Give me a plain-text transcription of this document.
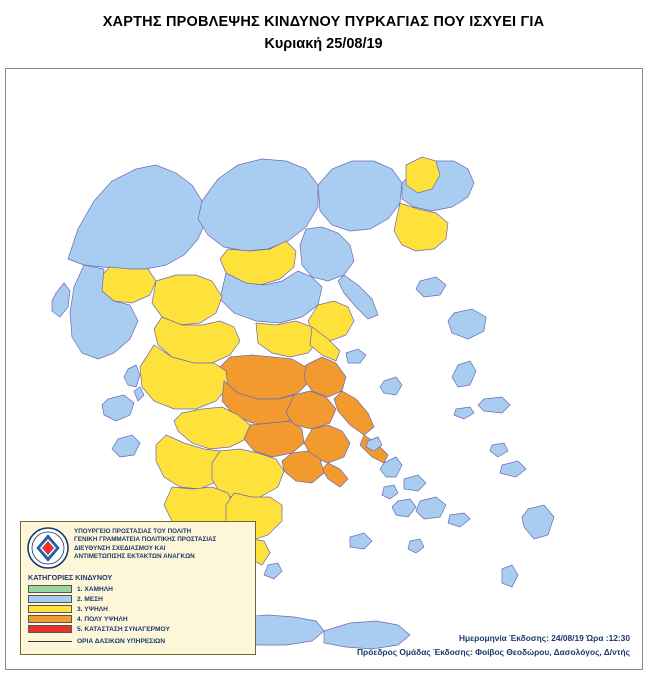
ΧΑΡΤΗΣ ΠΡΟΒΛΕΨΗΣ ΚΙΝΔΥΝΟΥ ΠΥΡΚΑΓΙΑΣ ΠΟΥ ΙΣΧΥΕΙ ΓΙΑ
Κυριακή 25/08/19
ΥΠΟΥΡΓΕΙΟ ΠΡΟΣΤΑΣΙΑΣ ΤΟΥ ΠΟΛΙΤΗ
ΓΕΝΙΚΗ ΓΡΑΜΜΑΤΕΙΑ ΠΟΛΙΤΙΚΗΣ ΠΡΟΣΤΑΣΙΑΣ
ΔΙΕΥΘΥΝΣΗ ΣΧΕΔΙΑΣΜΟΥ ΚΑΙ
ΑΝΤΙΜΕΤΩΠΙΣΗΣ ΕΚΤΑΚΤΩΝ ΑΝΑΓΚΩΝ
ΚΑΤΗΓΟΡΙΕΣ ΚΙΝΔΥΝΟΥ
1. ΧΑΜΗΛΗ
2. ΜΕΣΗ
3. ΥΨΗΛΗ
4. ΠΟΛΥ ΥΨΗΛΗ
5. ΚΑΤΑΣΤΑΣΗ ΣΥΝΑΓΕΡΜΟΥ
ΟΡΙΑ ΔΑΣΙΚΩΝ ΥΠΗΡΕΣΙΩΝ	Ημερομηνία Έκδοσης: 24/08/19 Ώρα :12:30
Πρόεδρος Ομάδας Έκδοσης: Φοίβος Θεοδώρου, Δασολόγος, Δ/ντής
